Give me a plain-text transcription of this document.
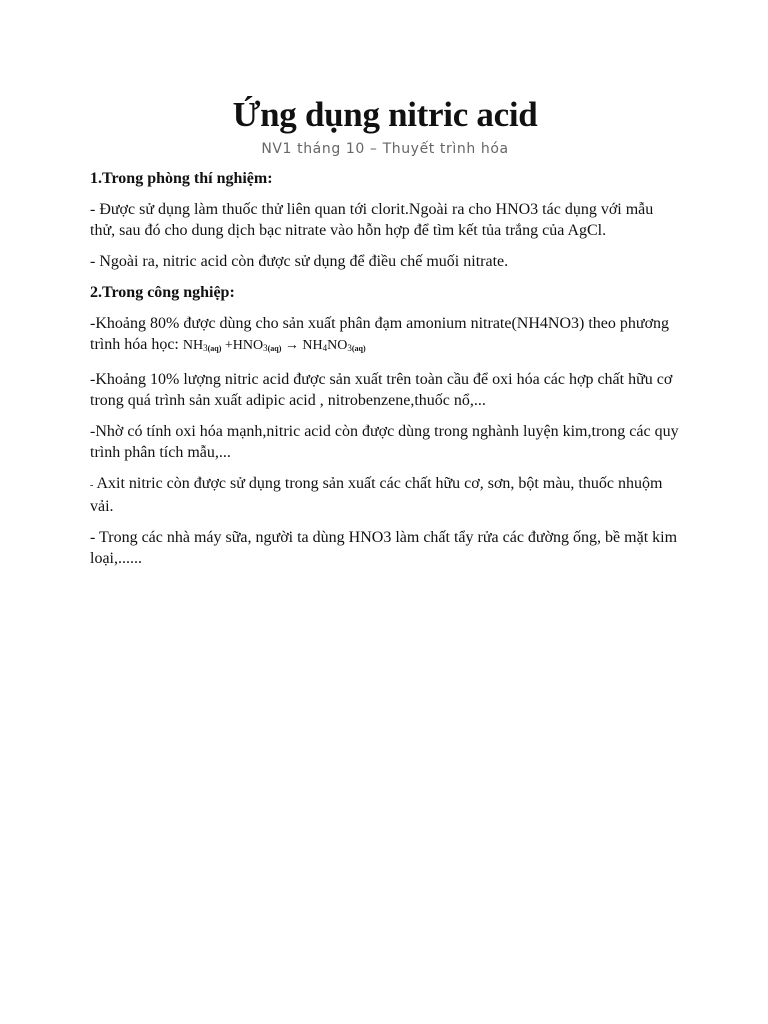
Ứng dụng nitric acid
NV1 tháng 10 – Thuyết trình hóa

1.Trong phòng thí nghiệm:

- Được sử dụng làm thuốc thử liên quan tới clorit.Ngoài ra cho HNO3 tác dụng với mẫu thử, sau đó cho dung dịch bạc nitrate vào hỗn hợp để tìm kết tủa trắng của AgCl.

- Ngoài ra, nitric acid còn được sử dụng để điều chế muối nitrate.

2.Trong công nghiệp:

-Khoảng 80% được dùng cho sản xuất phân đạm amonium nitrate(NH4NO3) theo phương trình hóa học: $NH_{3(aq)} +HNO_{3(aq)} \to NH_4NO_{3(aq)}$

-Khoảng 10% lượng nitric acid được sản xuất trên toàn cầu để oxi hóa các hợp chất hữu cơ trong quá trình sản xuất adipic acid , nitrobenzene,thuốc nổ,...

-Nhờ có tính oxi hóa mạnh,nitric acid còn được dùng trong nghành luyện kim,trong các quy trình phân tích mẫu,...

- Axit nitric còn được sử dụng trong sản xuất các chất hữu cơ, sơn, bột màu, thuốc nhuộm vải.

- Trong các nhà máy sữa, người ta dùng HNO3 làm chất tẩy rửa các đường ống, bề mặt kim loại,......
